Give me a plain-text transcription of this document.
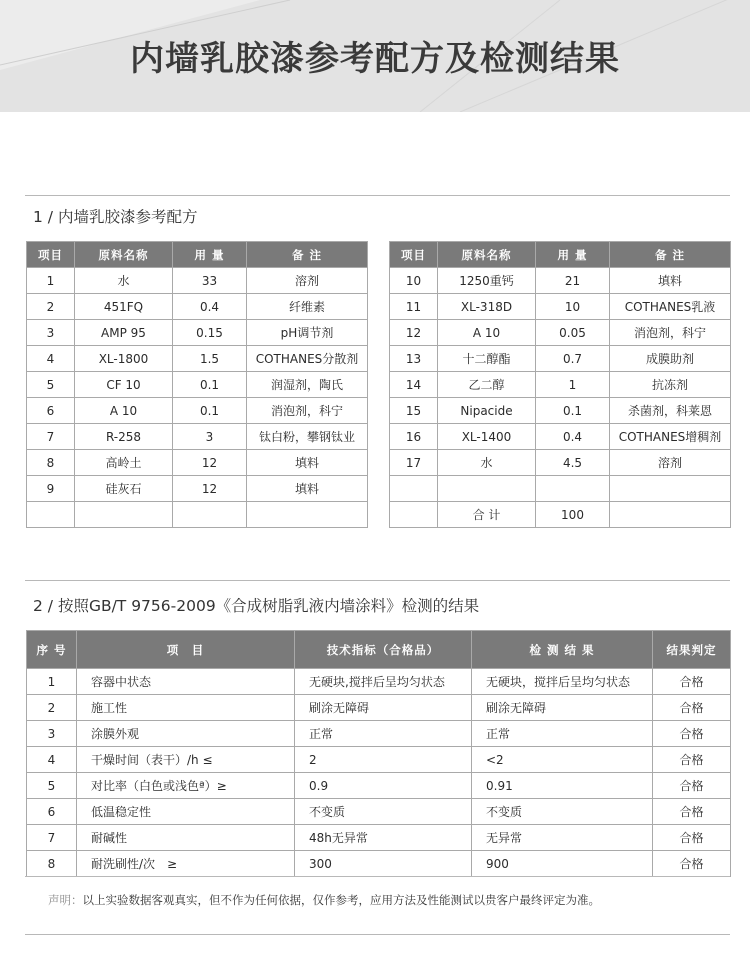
内墙乳胶漆参考配方及检测结果
1 / 内墙乳胶漆参考配方
项目	原料名称	用 量	备 注
1	水	33	溶剂
2	451FQ	0.4	纤维素
3	AMP 95	0.15	pH调节剂
4	XL-1800	1.5	COTHANES分散剂
5	CF 10	0.1	润湿剂，陶氏
6	A 10	0.1	消泡剂，科宁
7	R-258	3	钛白粉，攀钢钛业
8	高岭土	12	填料
9	硅灰石	12	填料

项目	原料名称	用 量	备 注
10	1250重钙	21	填料
11	XL-318D	10	COTHANES乳液
12	A 10	0.05	消泡剂，科宁
13	十二醇酯	0.7	成膜助剂
14	乙二醇	1	抗冻剂
15	Nipacide	0.1	杀菌剂，科莱恩
16	XL-1400	0.4	COTHANES增稠剂
17	水	4.5	溶剂

	合 计	100	
2 / 按照GB/T 9756-2009《合成树脂乳液内墙涂料》检测的结果
序 号	项　目	技术指标（合格品）	检 测 结 果	结果判定
1	容器中状态	无硬块,搅拌后呈均匀状态	无硬块，搅拌后呈均匀状态	合格
2	施工性	刷涂无障碍	刷涂无障碍	合格
3	涂膜外观	正常	正常	合格
4	干燥时间（表干）/h ≤	2	<2	合格
5	对比率（白色或浅色ª）≥	0.9	0.91	合格
6	低温稳定性	不变质	不变质	合格
7	耐碱性	48h无异常	无异常	合格
8	耐洗刷性/次　≥	300	900	合格

声明：以上实验数据客观真实，但不作为任何依据，仅作参考，应用方法及性能测试以贵客户最终评定为准。
